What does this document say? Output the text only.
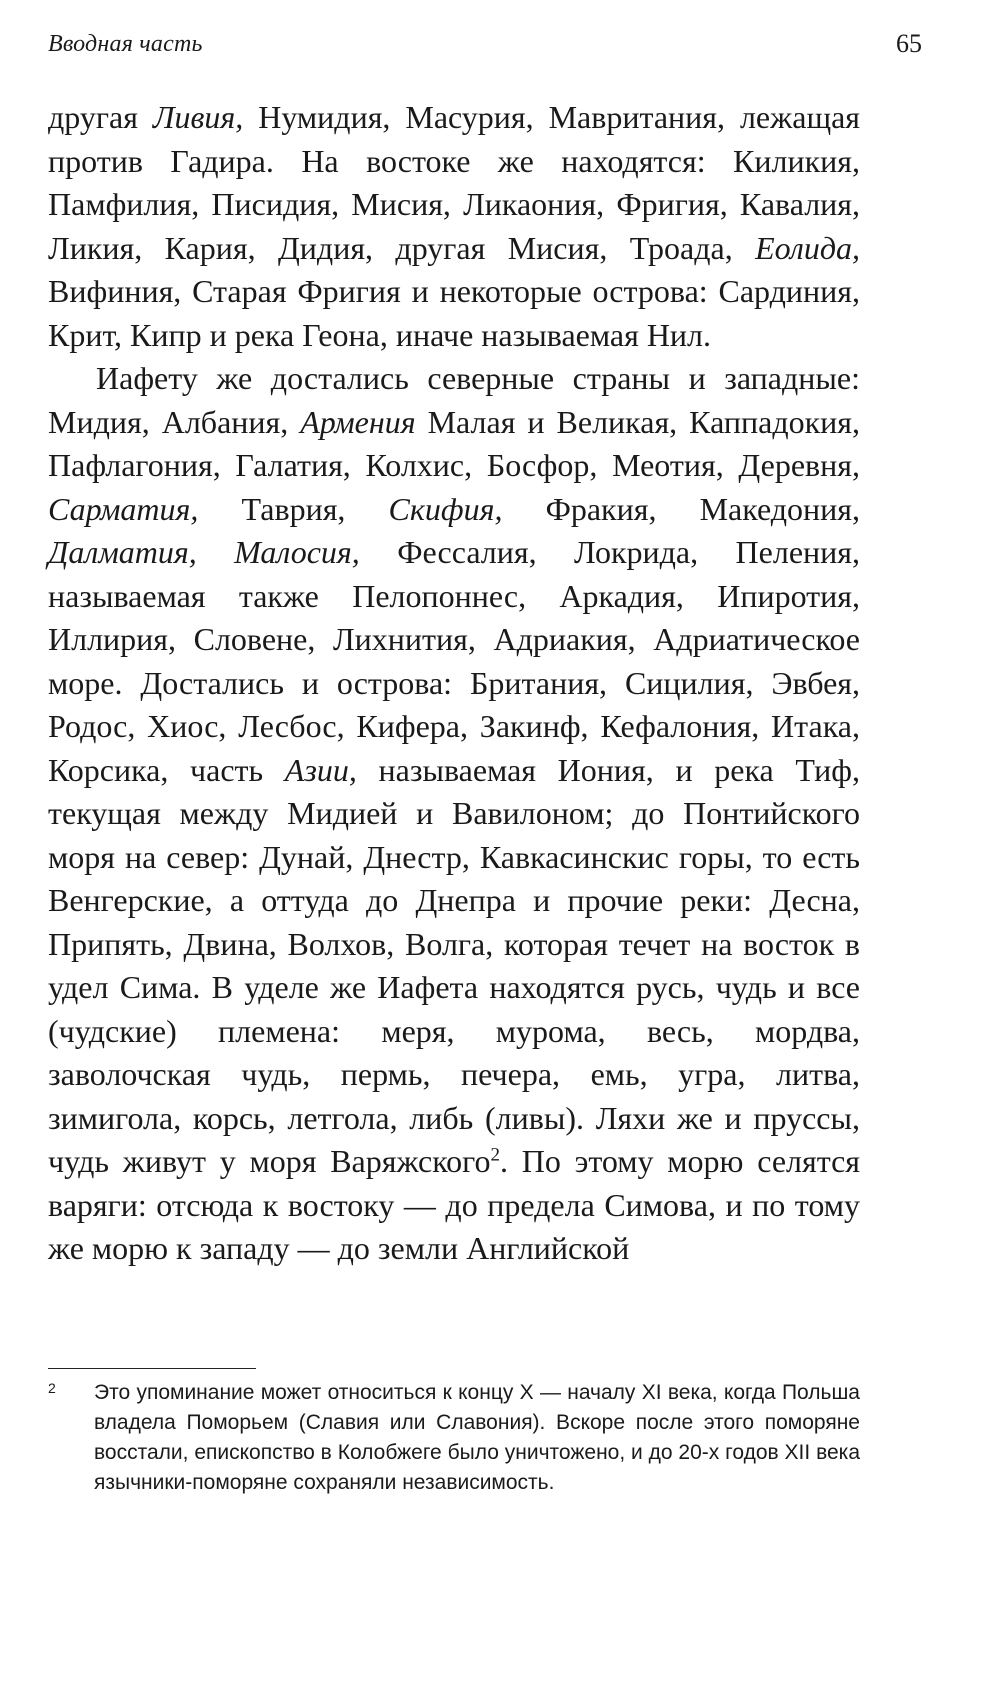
Вводная часть	65

другая Ливия, Нумидия, Масурия, Мавритания, лежащая против Гадира. На востоке же находятся: Киликия, Памфилия, Писидия, Мисия, Ликаония, Фригия, Кавалия, Ликия, Кария, Дидия, другая Мисия, Троада, Еолида, Вифиния, Старая Фригия и некоторые острова: Сардиния, Крит, Кипр и река Геона, иначе называемая Нил.

Иафету же достались северные страны и западные: Мидия, Албания, Армения Малая и Великая, Каппадокия, Пафлагония, Галатия, Колхис, Босфор, Меотия, Деревня, Сарматия, Таврия, Скифия, Фракия, Македония, Далматия, Малосия, Фессалия, Локрида, Пеления, называемая также Пелопоннес, Аркадия, Ипиротия, Иллирия, Словене, Лихнития, Адриакия, Адриатическое море. Достались и острова: Британия, Сицилия, Эвбея, Родос, Хиос, Лесбос, Кифера, Закинф, Кефалония, Итака, Корсика, часть Азии, называемая Иония, и река Тиф, текущая между Мидией и Вавилоном; до Понтийского моря на север: Дунай, Днестр, Кавкасинскис горы, то есть Венгерские, а оттуда до Днепра и прочие реки: Десна, Припять, Двина, Волхов, Волга, которая течет на восток в удел Сима. В уделе же Иафета находятся русь, чудь и все (чудские) племена: меря, мурома, весь, мордва, заволочская чудь, пермь, печера, емь, угра, литва, зимигола, корсь, летгола, либь (ливы). Ляхи же и пруссы, чудь живут у моря Варяжского$^2$. По этому морю селятся варяги: отсюда к востоку — до предела Симова, и по тому же морю к западу — до земли Английской

2	Это упоминание может относиться к концу X — началу XI века, когда Польша владела Поморьем (Славия или Славония). Вскоре после этого поморяне восстали, епископство в Колобжеге было уничтожено, и до 20-х годов XII века язычники-поморяне сохраняли независимость.
